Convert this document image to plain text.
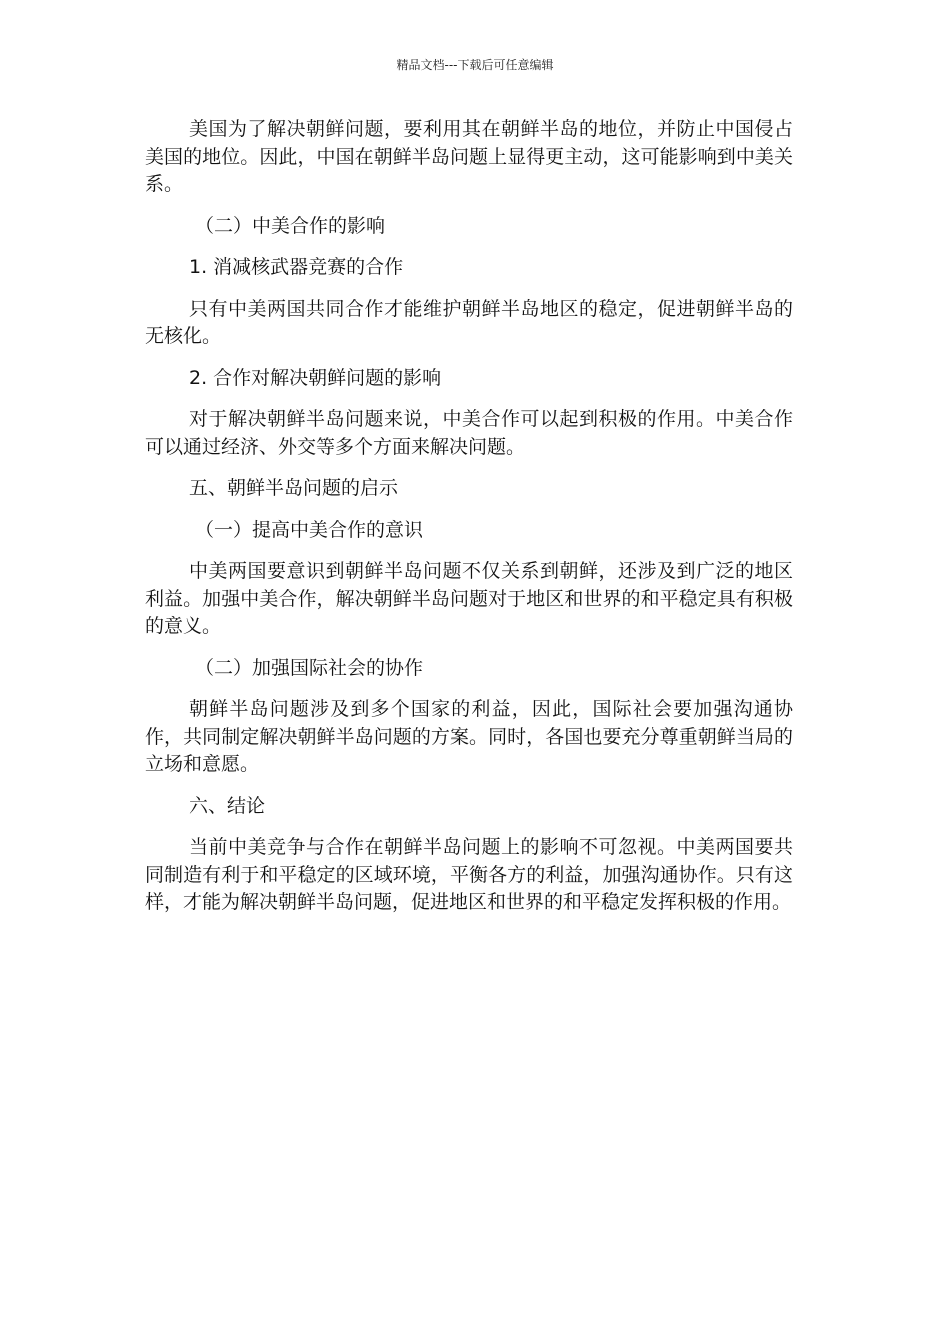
精品文档---下载后可任意编辑

美国为了解决朝鲜问题，要利用其在朝鲜半岛的地位，并防止中国侵占美国的地位。因此，中国在朝鲜半岛问题上显得更主动，这可能影响到中美关系。

（二）中美合作的影响

1. 消减核武器竞赛的合作

只有中美两国共同合作才能维护朝鲜半岛地区的稳定，促进朝鲜半岛的无核化。

2. 合作对解决朝鲜问题的影响

对于解决朝鲜半岛问题来说，中美合作可以起到积极的作用。中美合作可以通过经济、外交等多个方面来解决问题。

五、朝鲜半岛问题的启示

（一）提高中美合作的意识

中美两国要意识到朝鲜半岛问题不仅关系到朝鲜，还涉及到广泛的地区利益。加强中美合作，解决朝鲜半岛问题对于地区和世界的和平稳定具有积极的意义。

（二）加强国际社会的协作

朝鲜半岛问题涉及到多个国家的利益，因此，国际社会要加强沟通协作，共同制定解决朝鲜半岛问题的方案。同时，各国也要充分尊重朝鲜当局的立场和意愿。

六、结论

当前中美竞争与合作在朝鲜半岛问题上的影响不可忽视。中美两国要共同制造有利于和平稳定的区域环境，平衡各方的利益，加强沟通协作。只有这样，才能为解决朝鲜半岛问题，促进地区和世界的和平稳定发挥积极的作用。
